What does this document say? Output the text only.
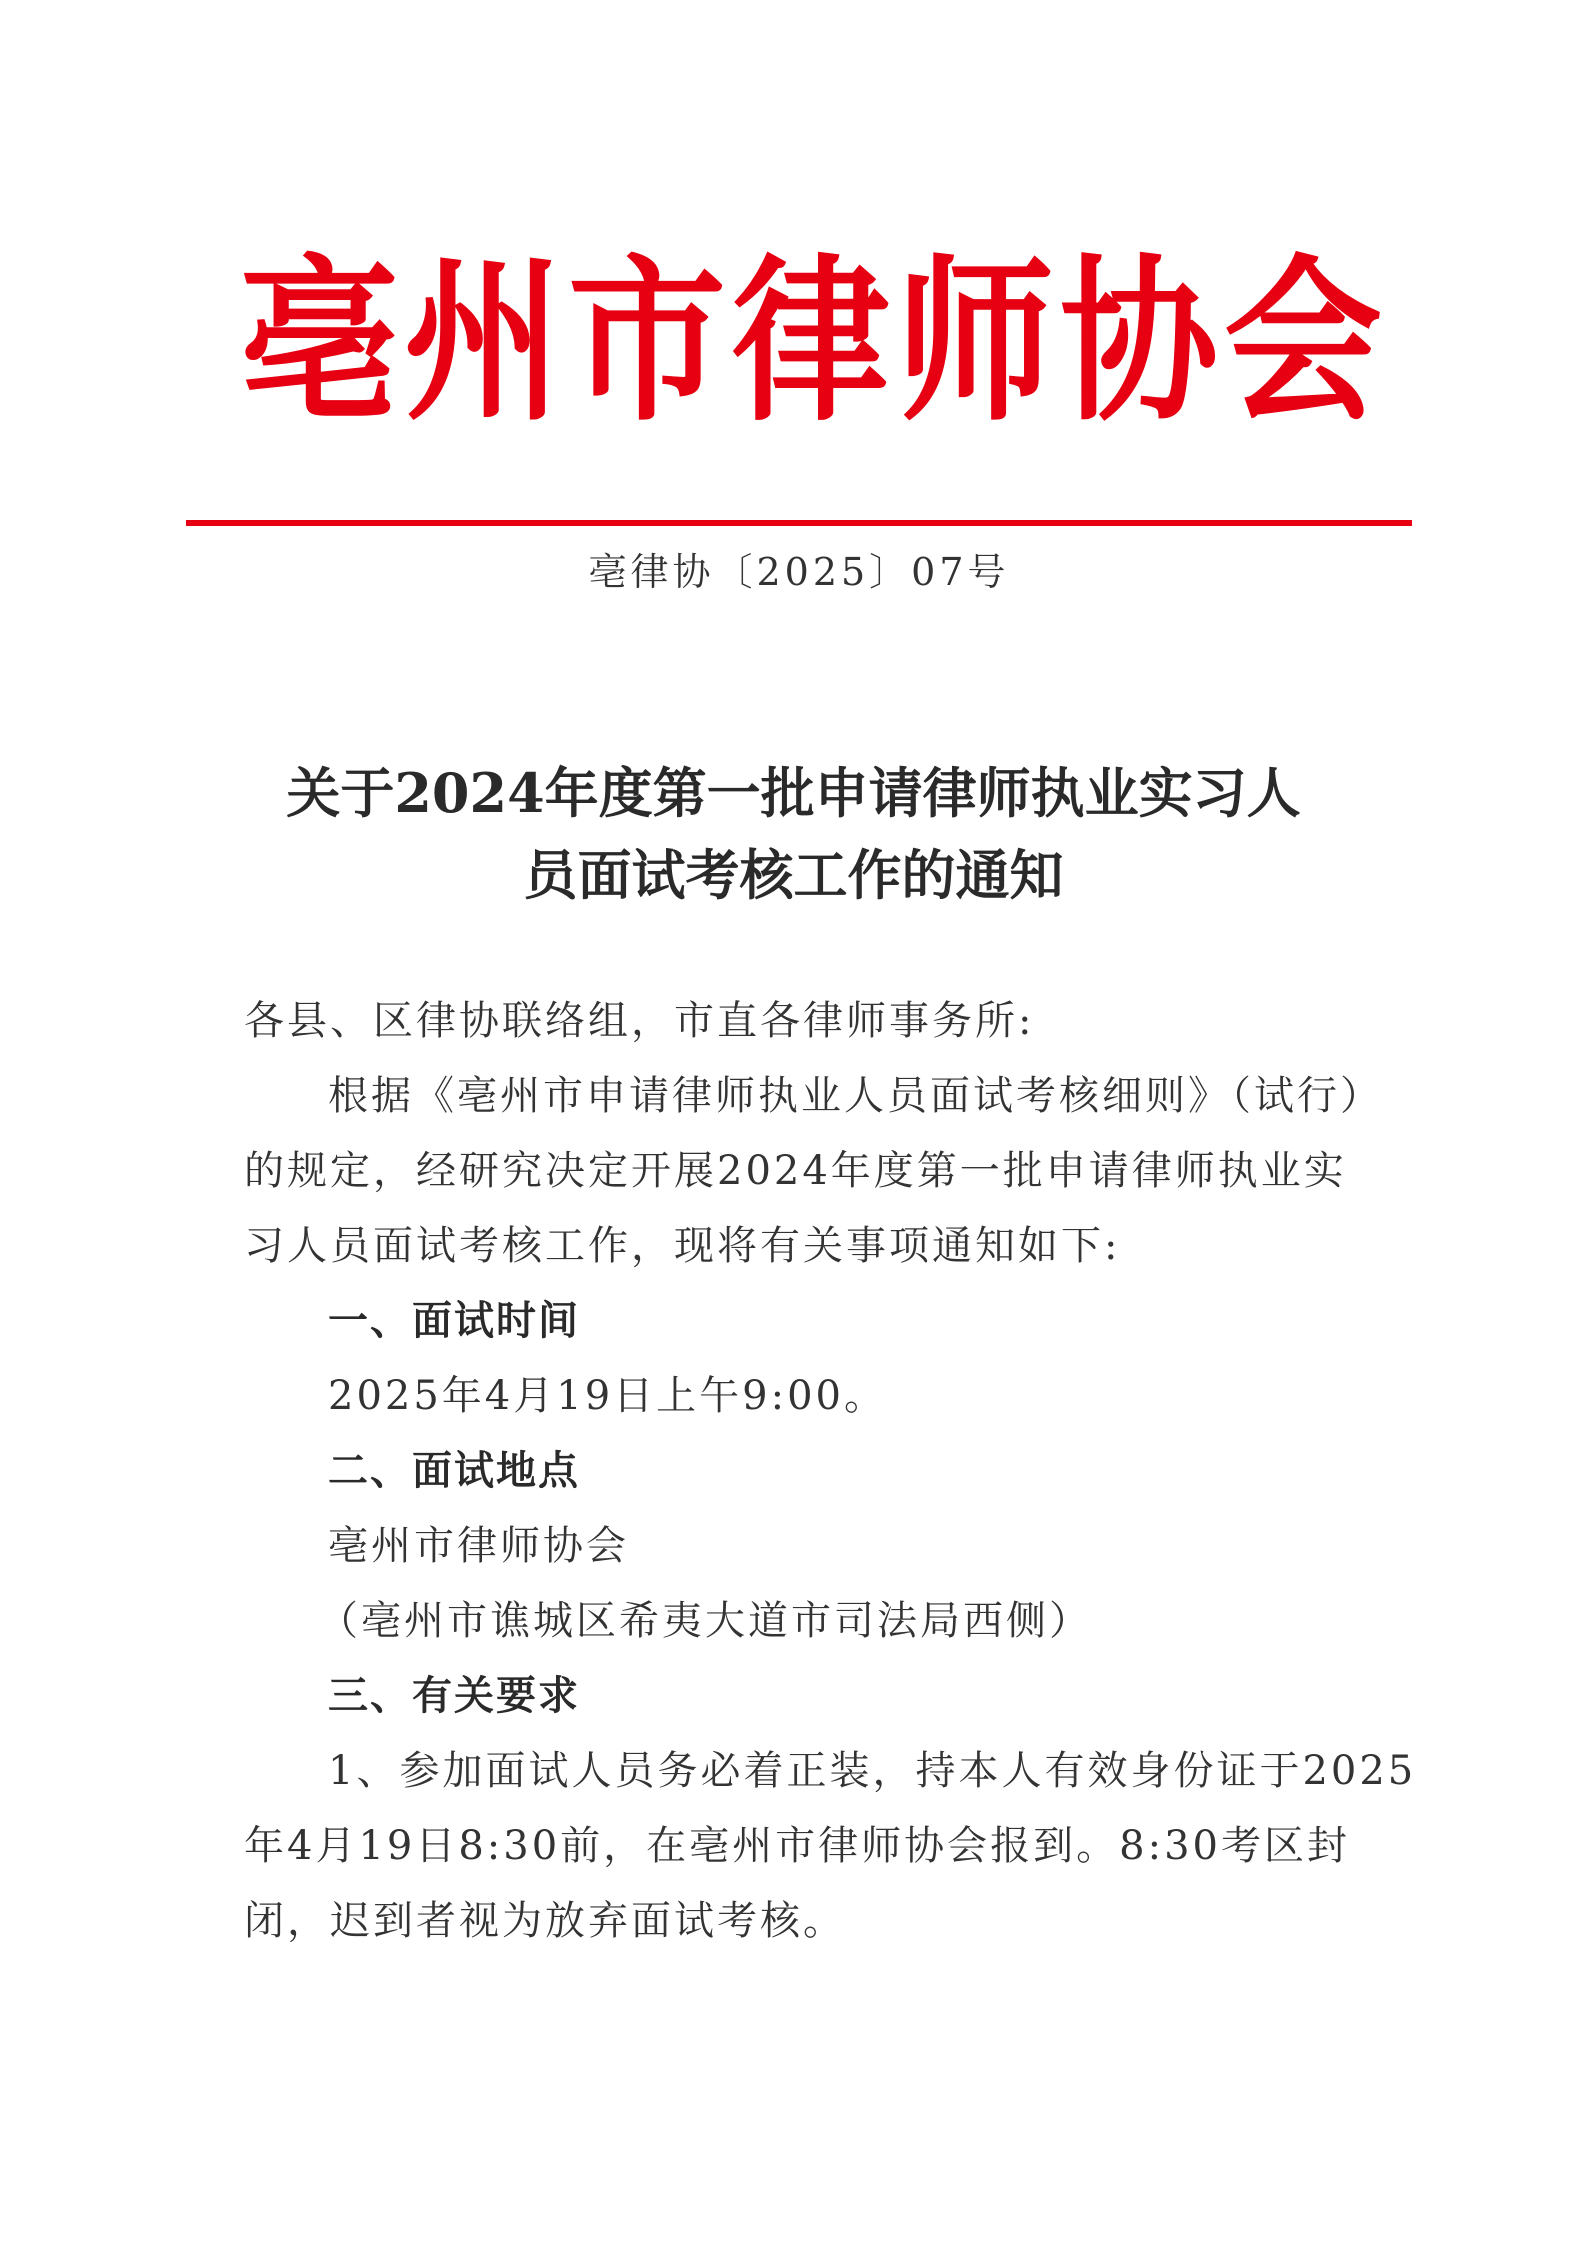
亳州市律师协会
亳律协〔2025〕07号
关于2024年度第一批申请律师执业实习人
员面试考核工作的通知
各县、区律协联络组，市直各律师事务所:
根据《亳州市申请律师执业人员面试考核细则》（试行）
的规定，经研究决定开展2024年度第一批申请律师执业实
习人员面试考核工作，现将有关事项通知如下:
一、面试时间
2025年4月19日上午9:00。
二、面试地点
亳州市律师协会
（亳州市谯城区希夷大道市司法局西侧）
三、有关要求
1、参加面试人员务必着正装，持本人有效身份证于2025
年4月19日8:30前，在亳州市律师协会报到。8:30考区封
闭，迟到者视为放弃面试考核。
